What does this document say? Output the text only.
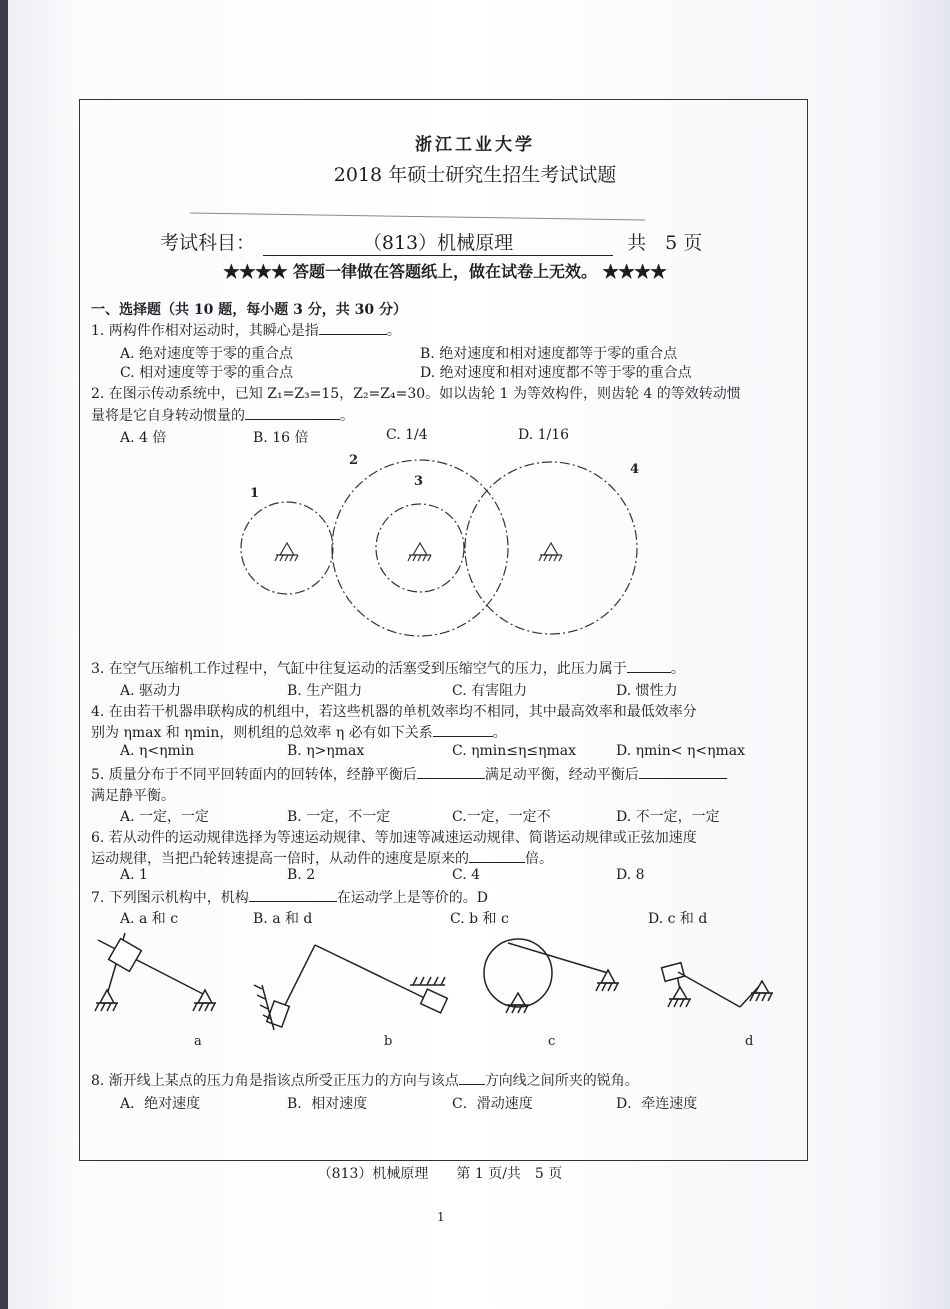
浙江工业大学
2018 年硕士研究生招生考试试题
考试科目：	（813）机械原理	共　5 页
★★★★ 答题一律做在答题纸上，做在试卷上无效。 ★★★★
一、选择题（共 10 题，每小题 3 分，共 30 分）
1. 两构件作相对运动时，其瞬心是指	。
A. 绝对速度等于零的重合点	B. 绝对速度和相对速度都等于零的重合点
C. 相对速度等于零的重合点	D. 绝对速度和相对速度都不等于零的重合点
2. 在图示传动系统中，已知 Z₁=Z₃=15，Z₂=Z₄=30。如以齿轮 1 为等效构件，则齿轮 4 的等效转动惯
量将是它自身转动惯量的	。
A. 4 倍	B. 16 倍	C. 1/4	D. 1/16
1
2
3
4
3. 在空气压缩机工作过程中，气缸中往复运动的活塞受到压缩空气的压力，此压力属于	。
A. 驱动力	B. 生产阻力	C. 有害阻力	D. 惯性力
4. 在由若干机器串联构成的机组中，若这些机器的单机效率均不相同，其中最高效率和最低效率分
别为 ηmax 和 ηmin，则机组的总效率 η 必有如下关系	。
A. η<ηmin	B. η>ηmax	C. ηmin≤η≤ηmax	D. ηmin< η<ηmax
5. 质量分布于不同平回转面内的回转体，经静平衡后	满足动平衡，经动平衡后
满足静平衡。
A. 一定，一定	B. 一定，不一定	C.一定，一定不	D. 不一定，一定
6. 若从动件的运动规律选择为等速运动规律、等加速等减速运动规律、简谐运动规律或正弦加速度
运动规律，当把凸轮转速提高一倍时，从动件的速度是原来的	倍。
A. 1	B. 2	C. 4	D. 8
7. 下列图示机构中，机构	在运动学上是等价的。D
A. a 和 c	B. a 和 d	C. b 和 c	D. c 和 d
a	b	c	d
8. 渐开线上某点的压力角是指该点所受正压力的方向与该点 方向线之间所夹的锐角。
A．绝对速度	B．相对速度	C．滑动速度	D．牵连速度
（813）机械原理　　第 1 页/共　5 页
1
